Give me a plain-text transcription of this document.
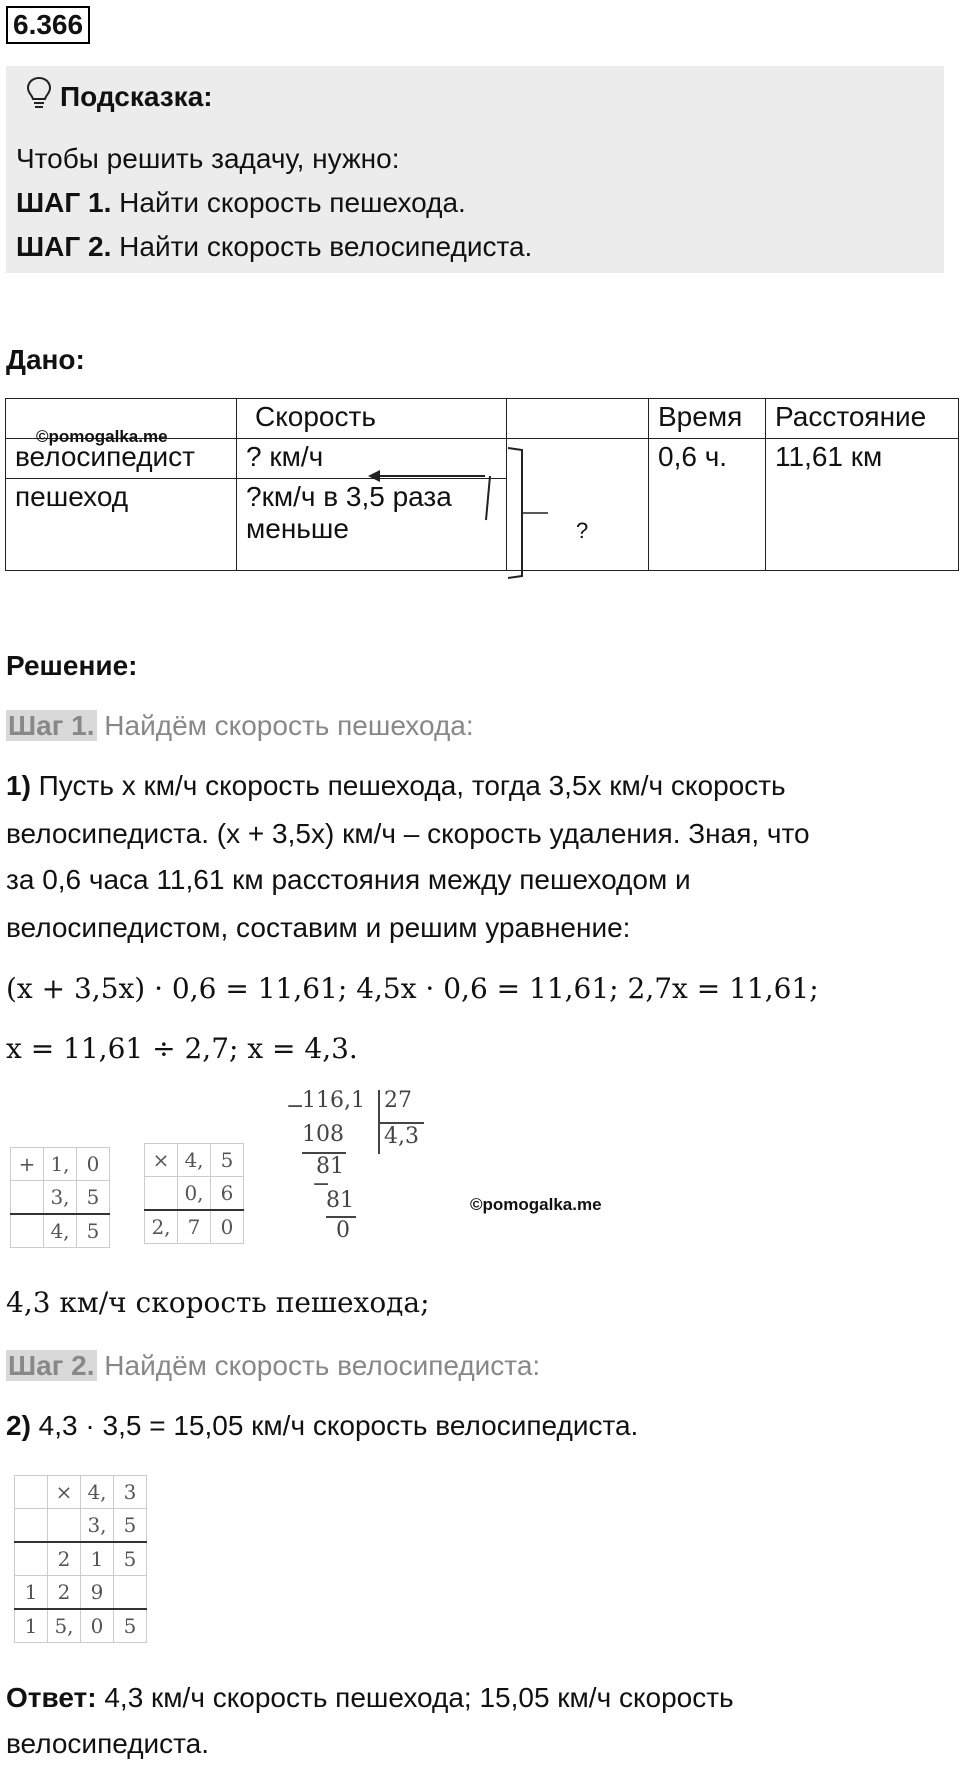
6.366
Подсказка:
Чтобы решить задачу, нужно:
ШАГ 1. Найти скорость пешехода.
ШАГ 2. Найти скорость велосипедиста.
Дано:
	Скорость		Время	Расстояние

©pomogalka.me
велосипедист	? км/ч		0,6 ч.	11,61 км
пешеход	?км/ч в 3,5 раза
меньше				?
Решение:
Шаг 1. Найдём скорость пешехода:
1) Пусть x км/ч скорость пешехода, тогда 3,5x км/ч скорость
велосипедиста. (x + 3,5x) км/ч – скорость удаления. Зная, что
за 0,6 часа 11,61 км расстояния между пешеходом и
велосипедистом, составим и решим уравнение:
(x + 3,5x) · 0,6 = 11,61; 4,5x · 0,6 = 11,61; 2,7x = 11,61;
x = 11,61 ÷ 2,7; x = 4,3.
+	1,	0
	3,	5
	4,	5
×	4,	5
	0,	6
2,	7	0
−
116,1 27
4,3
108
81
−
81
0
©pomogalka.me
4,3 км/ч скорость пешехода;
Шаг 2. Найдём скорость велосипедиста:
2) 4,3 · 3,5 = 15,05 км/ч скорость велосипедиста.
	×	4,	3
		3,	5
	2	1	5
1	2	9	
1	5,	0	5
Ответ: 4,3 км/ч скорость пешехода; 15,05 км/ч скорость
велосипедиста.
